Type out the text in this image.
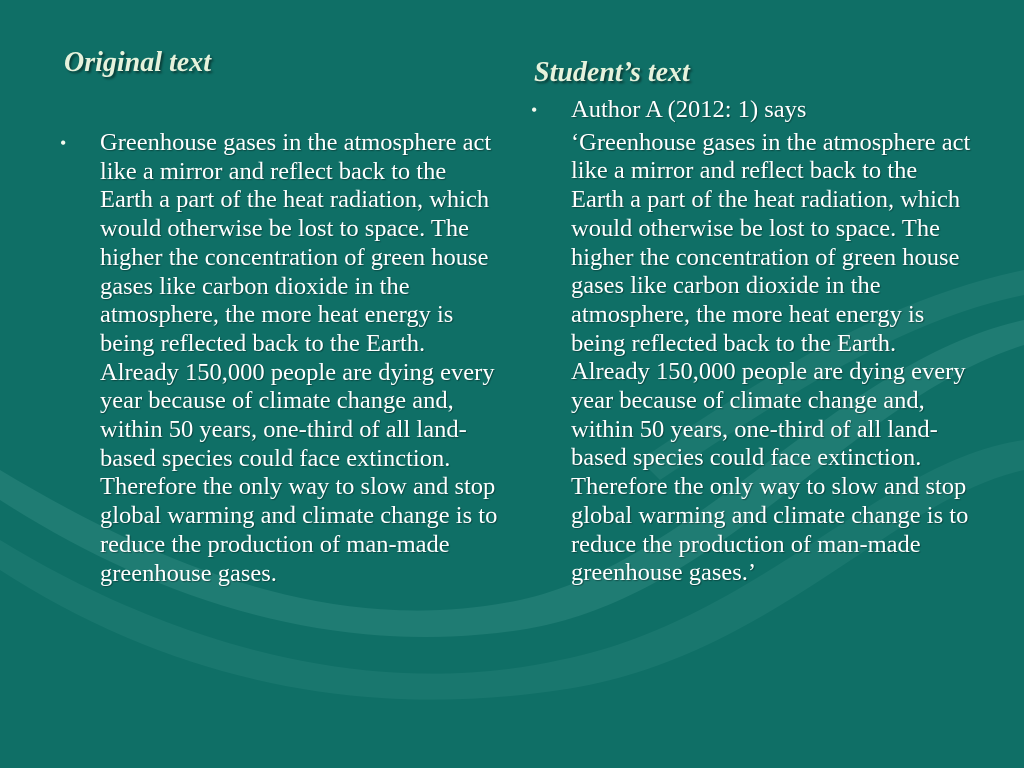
Original text
•	Greenhouse gases in the atmosphere act like a mirror and reflect back to the Earth a part of the heat radiation, which would otherwise be lost to space. The higher the concentration of green house gases like carbon dioxide in the atmosphere, the more heat energy is being reflected back to the Earth. Already 150,000 people are dying every year because of climate change and, within 50 years, one-third of all land-based species could face extinction. Therefore the only way to slow and stop global warming and climate change is to reduce the production of man-made greenhouse gases.
Student’s text
•	Author A (2012: 1) says
‘Greenhouse gases in the atmosphere act like a mirror and reflect back to the Earth a part of the heat radiation, which would otherwise be lost to space. The higher the concentration of green house gases like carbon dioxide in the atmosphere, the more heat energy is being reflected back to the Earth. Already 150,000 people are dying every year because of climate change and, within 50 years, one-third of all land-based species could face extinction. Therefore the only way to slow and stop global warming and climate change is to reduce the production of man-made greenhouse gases.’
